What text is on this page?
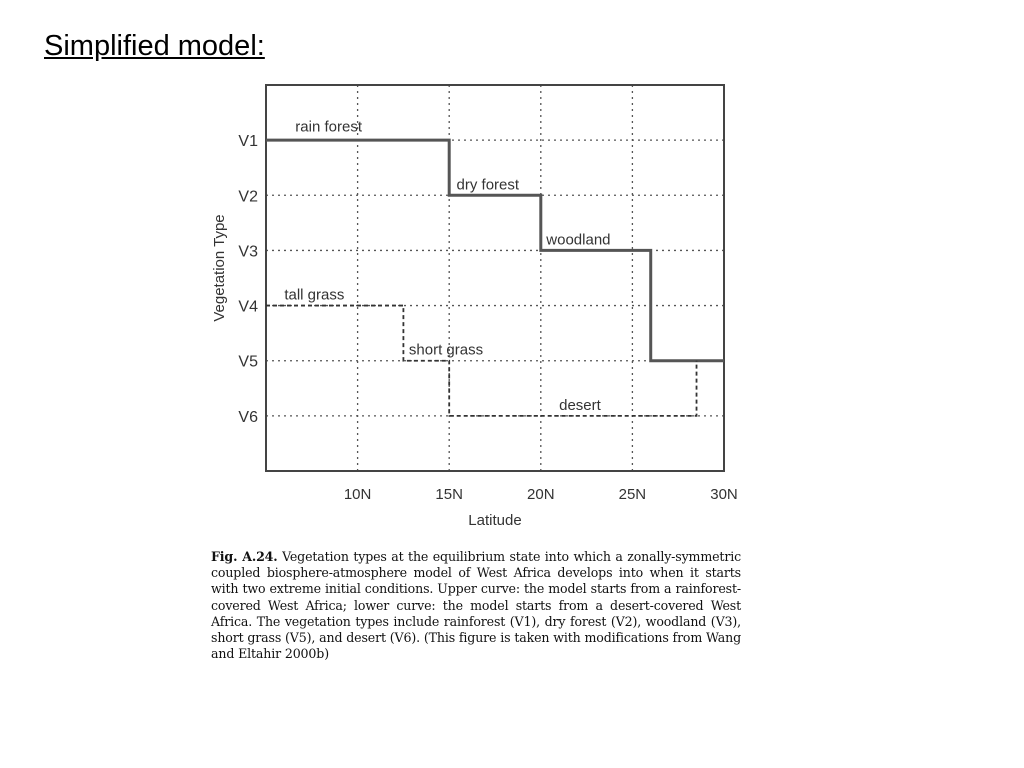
Simplified model:
10N	15N	20N	25N	30N
V1
V2
V3
V4
V5
V6
rain forest
dry forest
woodland
tall grass
short grass
desert
Latitude
Vegetation Type
Fig. A.24. Vegetation types at the equilibrium state into which a zonally-symmetric coupled biosphere-atmosphere model of West Africa develops into when it starts with two extreme initial conditions. Upper curve: the model starts from a rainforest-covered West Africa; lower curve: the model starts from a desert-covered West Africa. The vegetation types include rainforest (V1), dry forest (V2), woodland (V3), short grass (V5), and desert (V6). (This figure is taken with modifications from Wang and Eltahir 2000b)
